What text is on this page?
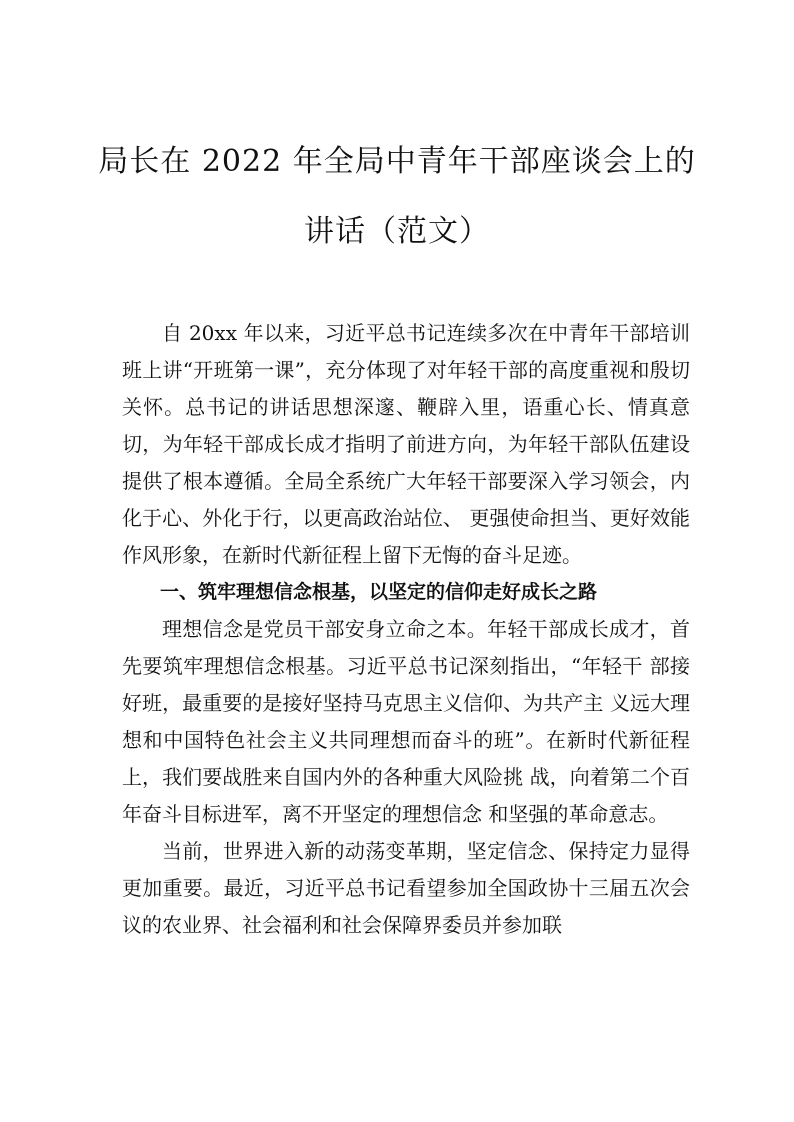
局长在 2022 年全局中青年干部座谈会上的
讲话（范文）

自 20xx 年以来，习近平总书记连续多次在中青年干部培训班上讲“开班第一课”，充分体现了对年轻干部的高度重视和殷切关怀。总书记的讲话思想深邃、鞭辟入里，语重心长、情真意切，为年轻干部成长成才指明了前进方向，为年轻干部队伍建设提供了根本遵循。全局全系统广大年轻干部要深入学习领会，内化于心、外化于行，以更高政治站位、 更强使命担当、更好效能作风形象，在新时代新征程上留下无悔的奋斗足迹。

一、筑牢理想信念根基，以坚定的信仰走好成长之路

理想信念是党员干部安身立命之本。年轻干部成长成才，首先要筑牢理想信念根基。习近平总书记深刻指出，“年轻干 部接好班，最重要的是接好坚持马克思主义信仰、为共产主 义远大理想和中国特色社会主义共同理想而奋斗的班”。在新时代新征程上，我们要战胜来自国内外的各种重大风险挑 战，向着第二个百年奋斗目标进军，离不开坚定的理想信念 和坚强的革命意志。

当前，世界进入新的动荡变革期，坚定信念、保持定力显得更加重要。最近，习近平总书记看望参加全国政协十三届五次会议的农业界、社会福利和社会保障界委员并参加联
